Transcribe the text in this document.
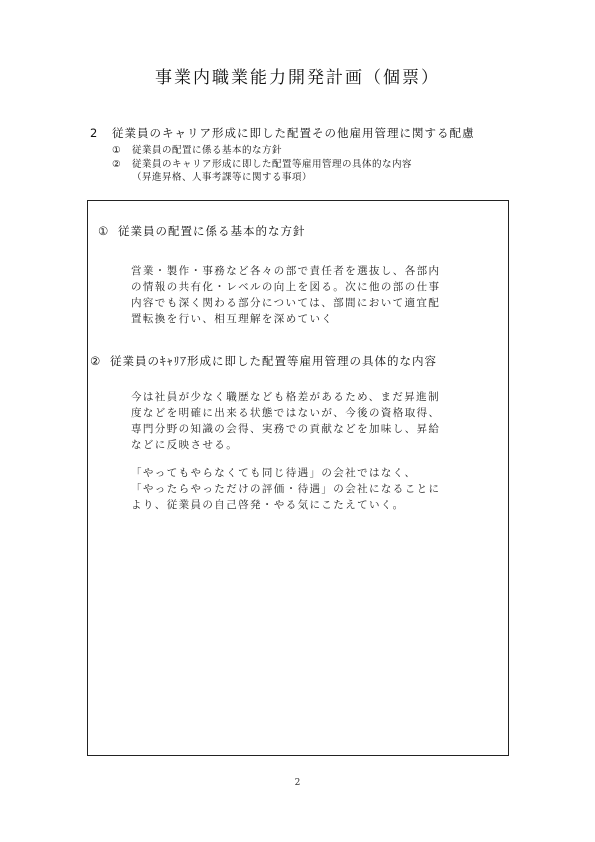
事業内職業能力開発計画（個票）
2 従業員のキャリア形成に即した配置その他雇用管理に関する配慮
① 従業員の配置に係る基本的な方針
② 従業員のキャリア形成に即した配置等雇用管理の具体的な内容
（昇進昇格、人事考課等に関する事項）
① 従業員の配置に係る基本的な方針
営業・製作・事務など各々の部で責任者を選抜し、各部内
の情報の共有化・レベルの向上を図る。次に他の部の仕事
内容でも深く関わる部分については、部間において適宜配
置転換を行い、相互理解を深めていく
② 従業員のｷｬﾘｱ形成に即した配置等雇用管理の具体的な内容
今は社員が少なく職歴なども格差があるため、まだ昇進制
度などを明確に出来る状態ではないが、今後の資格取得、
専門分野の知識の会得、実務での貢献などを加味し、昇給
などに反映させる。
「やってもやらなくても同じ待遇」の会社ではなく、
「やったらやっただけの評価・待遇」の会社になることに
より、従業員の自己啓発・やる気にこたえていく。
2
